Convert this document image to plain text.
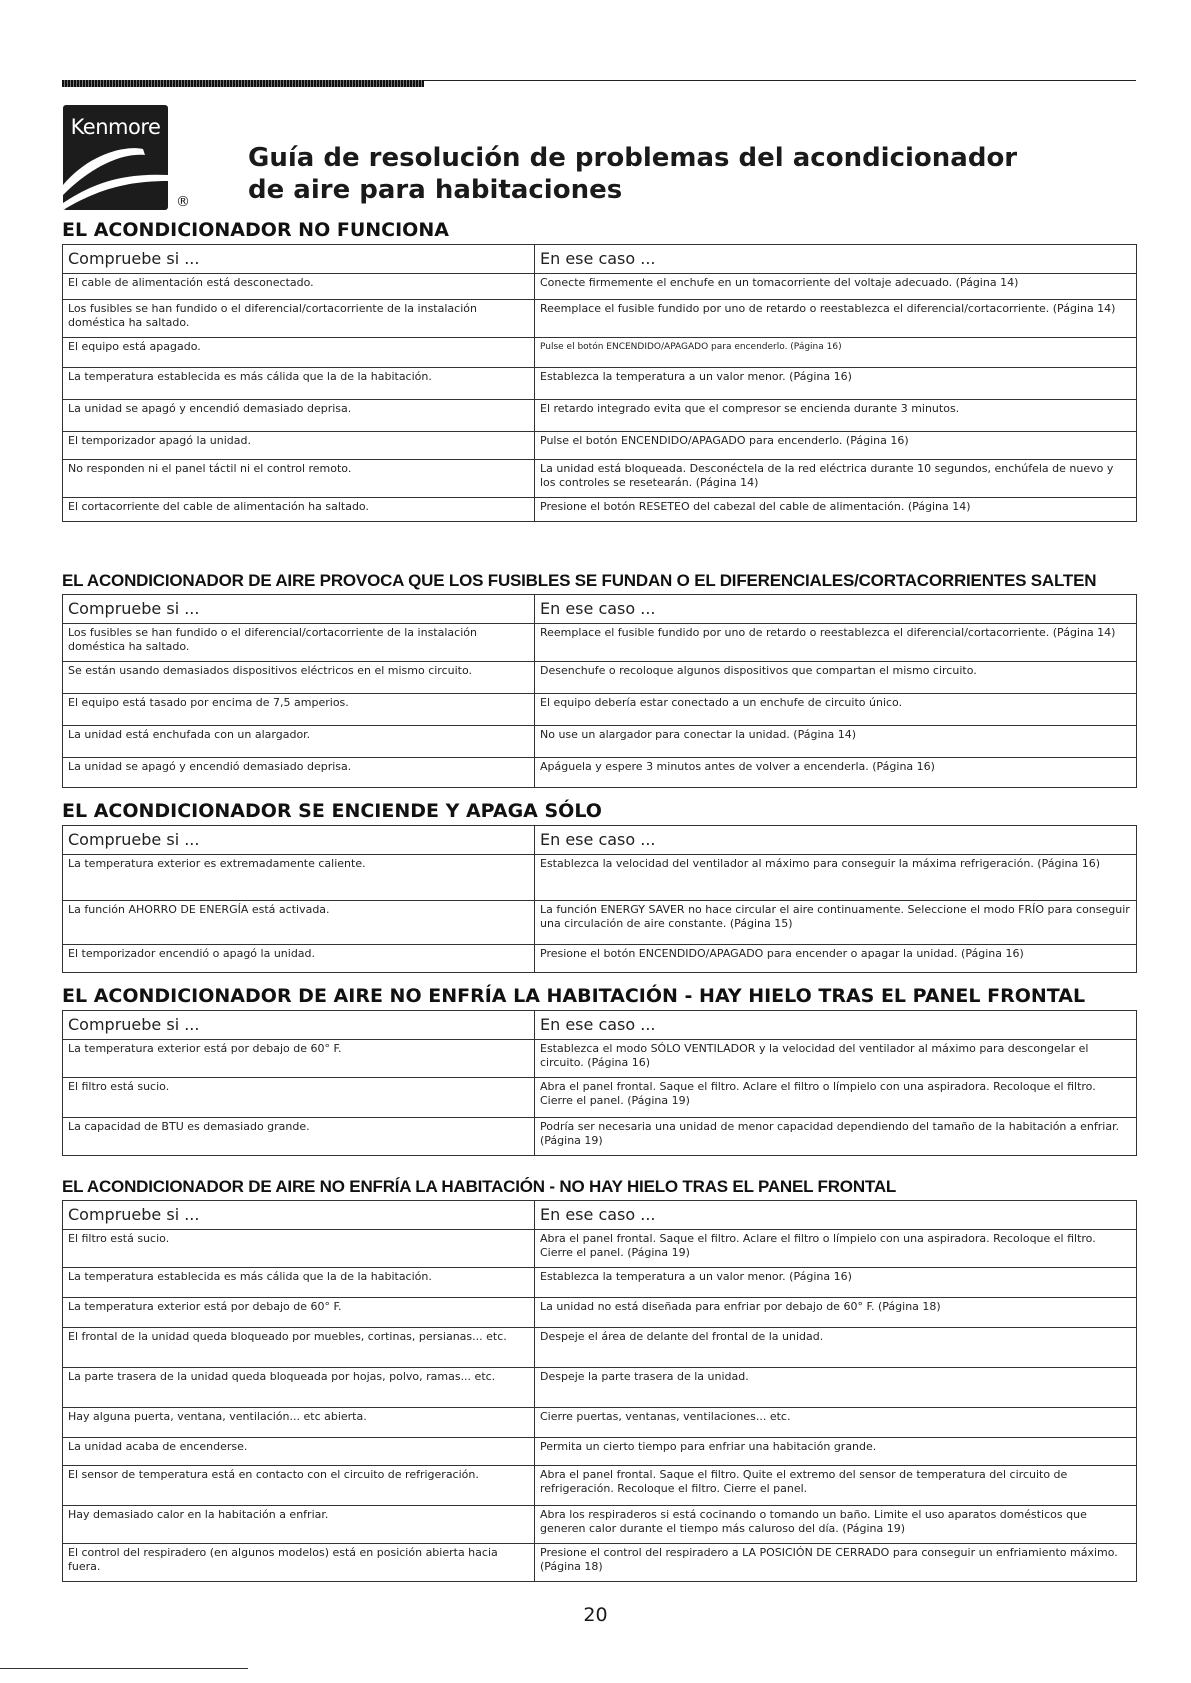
Kenmore
®
Guía de resolución de problemas del acondicionador
de aire para habitaciones
EL ACONDICIONADOR NO FUNCIONA
Compruebe si ...	En ese caso ...
El cable de alimentación está desconectado.	Conecte firmemente el enchufe en un tomacorriente del voltaje adecuado. (Página 14)
Los fusibles se han fundido o el diferencial/cortacorriente de la instalación doméstica ha saltado.	Reemplace el fusible fundido por uno de retardo o reestablezca el diferencial/cortacorriente. (Página 14)
El equipo está apagado.	Pulse el botón ENCENDIDO/APAGADO para encenderlo. (Página 16)
La temperatura establecida es más cálida que la de la habitación.	Establezca la temperatura a un valor menor. (Página 16)
La unidad se apagó y encendió demasiado deprisa.	El retardo integrado evita que el compresor se encienda durante 3 minutos.
El temporizador apagó la unidad.	Pulse el botón ENCENDIDO/APAGADO para encenderlo. (Página 16)
No responden ni el panel táctil ni el control remoto.	La unidad está bloqueada. Desconéctela de la red eléctrica durante 10 segundos, enchúfela de nuevo y los controles se resetearán. (Página 14)
El cortacorriente del cable de alimentación ha saltado.	Presione el botón RESETEO del cabezal del cable de alimentación. (Página 14)
EL ACONDICIONADOR DE AIRE PROVOCA QUE LOS FUSIBLES SE FUNDAN O EL DIFERENCIALES/CORTACORRIENTES SALTEN
Compruebe si ...	En ese caso ...
Los fusibles se han fundido o el diferencial/cortacorriente de la instalación doméstica ha saltado.	Reemplace el fusible fundido por uno de retardo o reestablezca el diferencial/cortacorriente. (Página 14)
Se están usando demasiados dispositivos eléctricos en el mismo circuito.	Desenchufe o recoloque algunos dispositivos que compartan el mismo circuito.
El equipo está tasado por encima de 7,5 amperios.	El equipo debería estar conectado a un enchufe de circuito único.
La unidad está enchufada con un alargador.	No use un alargador para conectar la unidad. (Página 14)
La unidad se apagó y encendió demasiado deprisa.	Apáguela y espere 3 minutos antes de volver a encenderla. (Página 16)
EL ACONDICIONADOR SE ENCIENDE Y APAGA SÓLO
Compruebe si ...	En ese caso ...
La temperatura exterior es extremadamente caliente.	Establezca la velocidad del ventilador al máximo para conseguir la máxima refrigeración. (Página 16)
La función AHORRO DE ENERGÍA está activada.	La función ENERGY SAVER no hace circular el aire continuamente. Seleccione el modo FRÍO para conseguir una circulación de aire constante. (Página 15)
El temporizador encendió o apagó la unidad.	Presione el botón ENCENDIDO/APAGADO para encender o apagar la unidad. (Página 16)
EL ACONDICIONADOR DE AIRE NO ENFRÍA LA HABITACIÓN - HAY HIELO TRAS EL PANEL FRONTAL
Compruebe si ...	En ese caso ...
La temperatura exterior está por debajo de 60° F.	Establezca el modo SÓLO VENTILADOR y la velocidad del ventilador al máximo para descongelar el circuito. (Página 16)
El filtro está sucio.	Abra el panel frontal. Saque el filtro. Aclare el filtro o límpielo con una aspiradora. Recoloque el filtro. Cierre el panel. (Página 19)
La capacidad de BTU es demasiado grande.	Podría ser necesaria una unidad de menor capacidad dependiendo del tamaño de la habitación a enfriar. (Página 19)
EL ACONDICIONADOR DE AIRE NO ENFRÍA LA HABITACIÓN - NO HAY HIELO TRAS EL PANEL FRONTAL
Compruebe si ...	En ese caso ...
El filtro está sucio.	Abra el panel frontal. Saque el filtro. Aclare el filtro o límpielo con una aspiradora. Recoloque el filtro. Cierre el panel. (Página 19)
La temperatura establecida es más cálida que la de la habitación.	Establezca la temperatura a un valor menor. (Página 16)
La temperatura exterior está por debajo de 60° F.	La unidad no está diseñada para enfriar por debajo de 60° F. (Página 18)
El frontal de la unidad queda bloqueado por muebles, cortinas, persianas... etc.	Despeje el área de delante del frontal de la unidad.
La parte trasera de la unidad queda bloqueada por hojas, polvo, ramas... etc.	Despeje la parte trasera de la unidad.
Hay alguna puerta, ventana, ventilación... etc abierta.	Cierre puertas, ventanas, ventilaciones... etc.
La unidad acaba de encenderse.	Permita un cierto tiempo para enfriar una habitación grande.
El sensor de temperatura está en contacto con el circuito de refrigeración.	Abra el panel frontal. Saque el filtro. Quite el extremo del sensor de temperatura del circuito de refrigeración. Recoloque el filtro. Cierre el panel.
Hay demasiado calor en la habitación a enfriar.	Abra los respiraderos si está cocinando o tomando un baño. Limite el uso aparatos domésticos que generen calor durante el tiempo más caluroso del día. (Página 19)
El control del respiradero (en algunos modelos) está en posición abierta hacia fuera.	Presione el control del respiradero a LA POSICIÓN DE CERRADO para conseguir un enfriamiento máximo. (Página 18)
20
